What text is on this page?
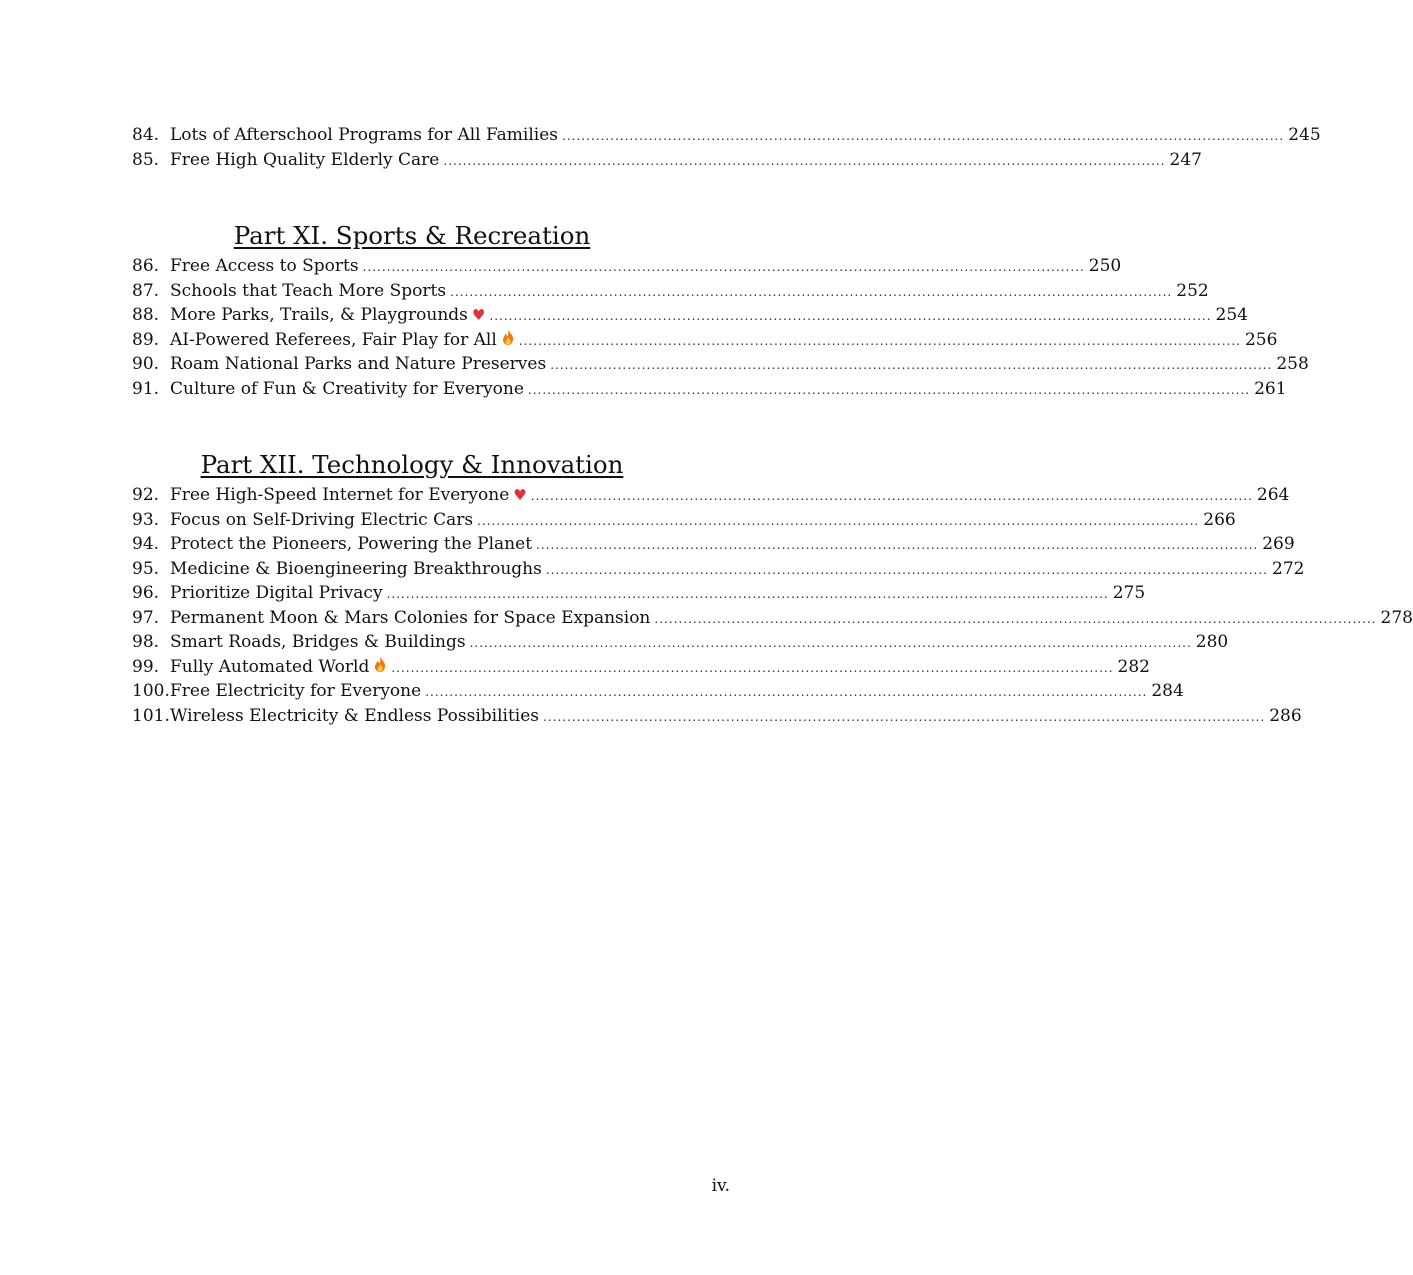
84. Lots of Afterschool Programs for All Families ...................................................................................................................................................... 245
85. Free High Quality Elderly Care ...................................................................................................................................................... 247
Part XI. Sports & Recreation
86. Free Access to Sports ...................................................................................................................................................... 250
87. Schools that Teach More Sports ...................................................................................................................................................... 252
88. More Parks, Trails, & Playgrounds ♥ ...................................................................................................................................................... 254
89. AI-Powered Referees, Fair Play for All ...................................................................................................................................................... 256
90. Roam National Parks and Nature Preserves ...................................................................................................................................................... 258
91. Culture of Fun & Creativity for Everyone ...................................................................................................................................................... 261
Part XII. Technology & Innovation
92. Free High-Speed Internet for Everyone ♥ ...................................................................................................................................................... 264
93. Focus on Self-Driving Electric Cars ...................................................................................................................................................... 266
94. Protect the Pioneers, Powering the Planet ...................................................................................................................................................... 269
95. Medicine & Bioengineering Breakthroughs ...................................................................................................................................................... 272
96. Prioritize Digital Privacy ...................................................................................................................................................... 275
97. Permanent Moon & Mars Colonies for Space Expansion ...................................................................................................................................................... 278
98. Smart Roads, Bridges & Buildings ...................................................................................................................................................... 280
99. Fully Automated World ...................................................................................................................................................... 282
100. Free Electricity for Everyone ...................................................................................................................................................... 284
101. Wireless Electricity & Endless Possibilities ...................................................................................................................................................... 286
iv.
